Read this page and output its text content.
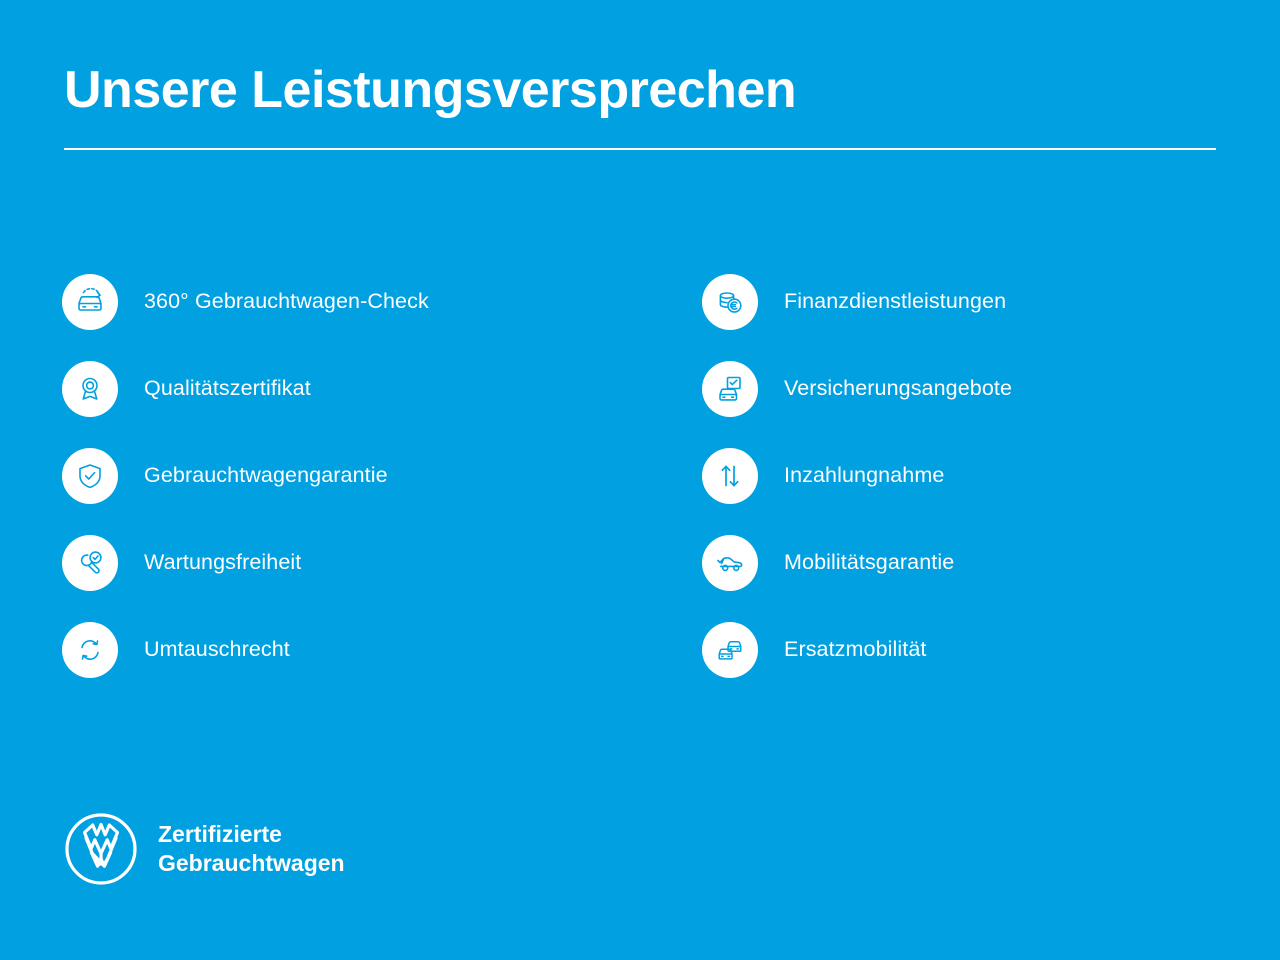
Unsere Leistungsversprechen
360° Gebrauchtwagen-Check
Qualitätszertifikat
Gebrauchtwagengarantie
Wartungsfreiheit
Umtauschrecht
Finanzdienstleistungen
Versicherungsangebote
Inzahlungnahme
Mobilitätsgarantie
Ersatzmobilität
Zertifizierte
Gebrauchtwagen
